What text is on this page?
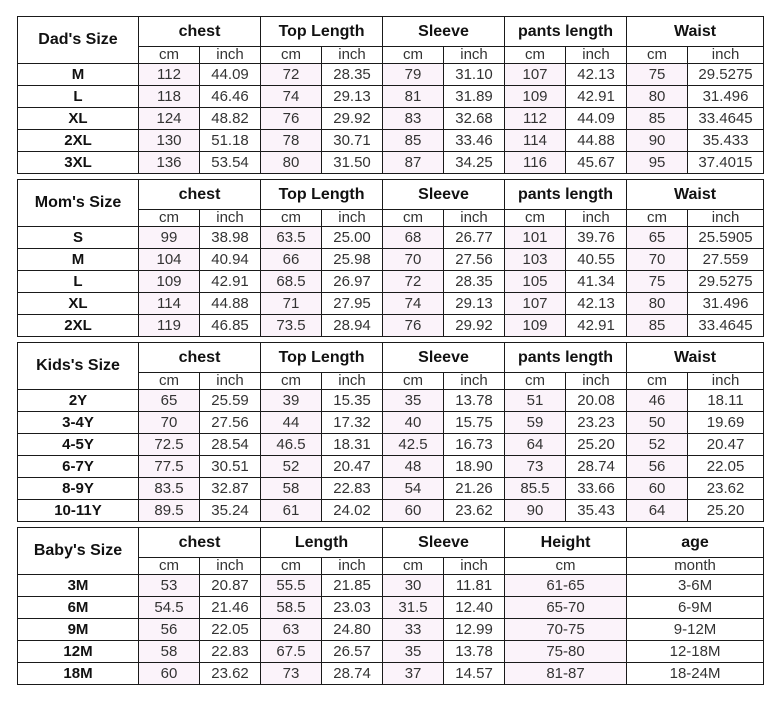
Dad's Size	chest		Top Length		Sleeve		pants length		Waist	
	cm	inch	cm	inch	cm	inch	cm	inch	cm	inch
M	112	44.09	72	28.35	79	31.10	107	42.13	75	29.5275
L	118	46.46	74	29.13	81	31.89	109	42.91	80	31.496
XL	124	48.82	76	29.92	83	32.68	112	44.09	85	33.4645
2XL	130	51.18	78	30.71	85	33.46	114	44.88	90	35.433
3XL	136	53.54	80	31.50	87	34.25	116	45.67	95	37.4015
Mom's Size	chest		Top Length		Sleeve		pants length		Waist	
	cm	inch	cm	inch	cm	inch	cm	inch	cm	inch
S	99	38.98	63.5	25.00	68	26.77	101	39.76	65	25.5905
M	104	40.94	66	25.98	70	27.56	103	40.55	70	27.559
L	109	42.91	68.5	26.97	72	28.35	105	41.34	75	29.5275
XL	114	44.88	71	27.95	74	29.13	107	42.13	80	31.496
2XL	119	46.85	73.5	28.94	76	29.92	109	42.91	85	33.4645
Kids's Size	chest		Top Length		Sleeve		pants length		Waist	
	cm	inch	cm	inch	cm	inch	cm	inch	cm	inch
2Y	65	25.59	39	15.35	35	13.78	51	20.08	46	18.11
3-4Y	70	27.56	44	17.32	40	15.75	59	23.23	50	19.69
4-5Y	72.5	28.54	46.5	18.31	42.5	16.73	64	25.20	52	20.47
6-7Y	77.5	30.51	52	20.47	48	18.90	73	28.74	56	22.05
8-9Y	83.5	32.87	58	22.83	54	21.26	85.5	33.66	60	23.62
10-11Y	89.5	35.24	61	24.02	60	23.62	90	35.43	64	25.20
Baby's Size	chest		Length		Sleeve		Height	age
	cm	inch	cm	inch	cm	inch	cm	month
3M	53	20.87	55.5	21.85	30	11.81	61-65	3-6M
6M	54.5	21.46	58.5	23.03	31.5	12.40	65-70	6-9M
9M	56	22.05	63	24.80	33	12.99	70-75	9-12M
12M	58	22.83	67.5	26.57	35	13.78	75-80	12-18M
18M	60	23.62	73	28.74	37	14.57	81-87	18-24M
